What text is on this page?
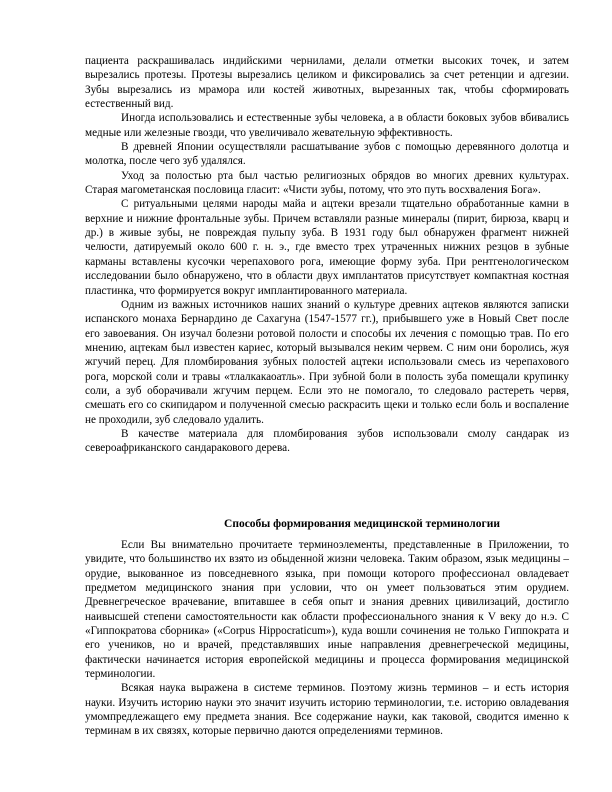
пациента раскрашивалась индийскими чернилами, делали отметки высоких точек, и затем вырезались протезы. Протезы вырезались целиком и фиксировались за счет ретенции и адгезии. Зубы вырезались из мрамора или костей животных, вырезанных так, чтобы сформировать естественный вид.

Иногда использовались и естественные зубы человека, а в области боковых зубов вбивались медные или железные гвозди, что увеличивало жевательную эффективность.

В древней Японии осуществляли расшатывание зубов с помощью деревянного долотца и молотка, после чего зуб удалялся.

Уход за полостью рта был частью религиозных обрядов во многих древних культурах. Старая магометанская пословица гласит: «Чисти зубы, потому, что это путь восхваления Бога».

С ритуальными целями народы майа и ацтеки врезали тщательно обработанные камни в верхние и нижние фронтальные зубы. Причем вставляли разные минералы (пирит, бирюза, кварц и др.) в живые зубы, не повреждая пульпу зуба. В 1931 году был обнаружен фрагмент нижней челюсти, датируемый около 600 г. н. э., где вместо трех утраченных нижних резцов в зубные карманы вставлены кусочки черепахового рога, имеющие форму зуба. При рентгенологическом исследовании было обнаружено, что в области двух имплантатов присутствует компактная костная пластинка, что формируется вокруг имплантированного материала.

Одним из важных источников наших знаний о культуре древних ацтеков являются записки испанского монаха Бернардино де Сахагуна (1547-1577 гг.), прибывшего уже в Новый Свет после его завоевания. Он изучал болезни ротовой полости и способы их лечения с помощью трав. По его мнению, ацтекам был известен кариес, который вызывался неким червем. С ним они боролись, жуя жгучий перец. Для пломбирования зубных полостей ацтеки использовали смесь из черепахового рога, морской соли и травы «тлалкакаоатль». При зубной боли в полость зуба помещали крупинку соли, а зуб оборачивали жгучим перцем. Если это не помогало, то следовало растереть червя, смешать его со скипидаром и полученной смесью раскрасить щеки и только если боль и воспаление не проходили, зуб следовало удалить.

В качестве материала для пломбирования зубов использовали смолу сандарак из североафриканского сандаракового дерева.

Способы формирования медицинской терминологии

Если Вы внимательно прочитаете терминоэлементы, представленные в Приложении, то увидите, что большинство их взято из обыденной жизни человека. Таким образом, язык медицины – орудие, выкованное из повседневного языка, при помощи которого профессионал овладевает предметом медицинского знания при условии, что он умеет пользоваться этим орудием. Древнегреческое врачевание, впитавшее в себя опыт и знания древних цивилизаций, достигло наивысшей степени самостоятельности как области профессионального знания к V веку до н.э. С «Гиппократова сборника» («Corpus Hippocraticum»), куда вошли сочинения не только Гиппократа и его учеников, но и врачей, представлявших иные направления древнегреческой медицины, фактически начинается история европейской медицины и процесса формирования медицинской терминологии.

Всякая наука выражена в системе терминов. Поэтому жизнь терминов – и есть история науки. Изучить историю науки это значит изучить историю терминологии, т.е. историю овладевания умомпредлежащего ему предмета знания. Все содержание науки, как таковой, сводится именно к терминам в их связях, которые первично даются определениями терминов.
